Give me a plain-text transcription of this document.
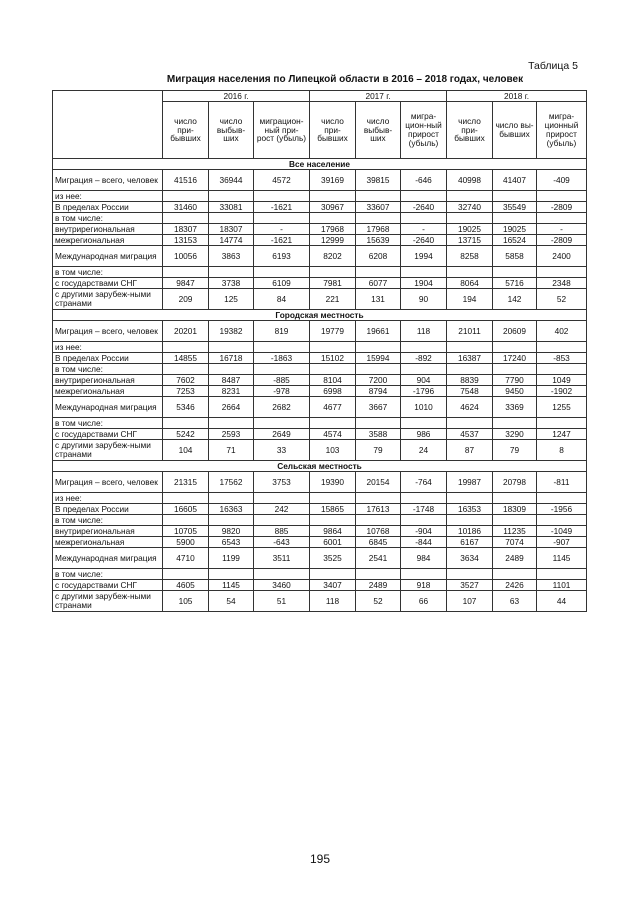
Таблица 5
Миграция населения по Липецкой области в 2016 – 2018 годах, человек
	2016 г.			2017 г.			2018 г.		
	число при-бывших	число выбыв-ших	миграцион-ный при-рост (убыль)	число при-бывших	число выбыв-ших	мигра-цион-ный прирост (убыль)	число при-бывших	число вы-бывших	мигра-ционный прирост (убыль)
Все население									
Миграция – всего, человек	41516	36944	4572	39169	39815	-646	40998	41407	-409
из нее:									
В пределах России	31460	33081	-1621	30967	33607	-2640	32740	35549	-2809
в том числе:									
внутрирегиональная	18307	18307	-	17968	17968	-	19025	19025	-
межрегиональная	13153	14774	-1621	12999	15639	-2640	13715	16524	-2809
Международная миграция	10056	3863	6193	8202	6208	1994	8258	5858	2400
в том числе:									
с государствами СНГ	9847	3738	6109	7981	6077	1904	8064	5716	2348
с другими зарубеж-ными странами	209	125	84	221	131	90	194	142	52
Городская местность									
Миграция – всего, человек	20201	19382	819	19779	19661	118	21011	20609	402
из нее:									
В пределах России	14855	16718	-1863	15102	15994	-892	16387	17240	-853
в том числе:									
внутрирегиональная	7602	8487	-885	8104	7200	904	8839	7790	1049
межрегиональная	7253	8231	-978	6998	8794	-1796	7548	9450	-1902
Международная миграция	5346	2664	2682	4677	3667	1010	4624	3369	1255
в том числе:									
с государствами СНГ	5242	2593	2649	4574	3588	986	4537	3290	1247
с другими зарубеж-ными странами	104	71	33	103	79	24	87	79	8
Сельская местность									
Миграция – всего, человек	21315	17562	3753	19390	20154	-764	19987	20798	-811
из нее:									
В пределах России	16605	16363	242	15865	17613	-1748	16353	18309	-1956
в том числе:									
внутрирегиональная	10705	9820	885	9864	10768	-904	10186	11235	-1049
межрегиональная	5900	6543	-643	6001	6845	-844	6167	7074	-907
Международная миграция	4710	1199	3511	3525	2541	984	3634	2489	1145
в том числе:									
с государствами СНГ	4605	1145	3460	3407	2489	918	3527	2426	1101
с другими зарубеж-ными странами	105	54	51	118	52	66	107	63	44
195
